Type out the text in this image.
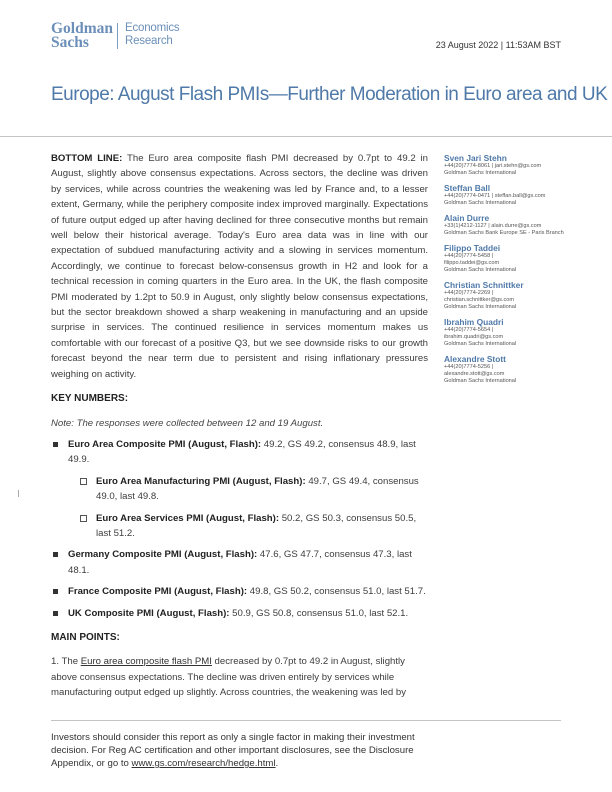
Goldman
Sachs
Economics
Research	23 August 2022 | 11:53AM BST
Europe: August Flash PMIs—Further Moderation in Euro area and UK

BOTTOM LINE: The Euro area composite flash PMI decreased by 0.7pt to 49.2 in August, slightly above consensus expectations. Across sectors, the decline was driven by services, while across countries the weakening was led by France and, to a lesser extent, Germany, while the periphery composite index improved marginally. Expectations of future output edged up after having declined for three consecutive months but remain well below their historical average. Today's Euro area data was in line with our expectation of subdued manufacturing activity and a slowing in services momentum. Accordingly, we continue to forecast below-consensus growth in H2 and look for a technical recession in coming quarters in the Euro area. In the UK, the flash composite PMI moderated by 1.2pt to 50.9 in August, only slightly below consensus expectations, but the sector breakdown showed a sharp weakening in manufacturing and an upside surprise in services. The continued resilience in services momentum makes us comfortable with our forecast of a positive Q3, but we see downside risks to our growth forecast beyond the near term due to persistent and rising inflationary pressures weighing on activity.

KEY NUMBERS:

Note: The responses were collected between 12 and 19 August.

Euro Area Composite PMI (August, Flash): 49.2, GS 49.2, consensus 48.9, last 49.9.
Euro Area Manufacturing PMI (August, Flash): 49.7, GS 49.4, consensus 49.0, last 49.8.
Euro Area Services PMI (August, Flash): 50.2, GS 50.3, consensus 50.5, last 51.2.
Germany Composite PMI (August, Flash): 47.6, GS 47.7, consensus 47.3, last 48.1.
France Composite PMI (August, Flash): 49.8, GS 50.2, consensus 51.0, last 51.7.
UK Composite PMI (August, Flash): 50.9, GS 50.8, consensus 51.0, last 52.1.

MAIN POINTS:

1. The Euro area composite flash PMI decreased by 0.7pt to 49.2 in August, slightly above consensus expectations. The decline was driven entirely by services while manufacturing output edged up slightly. Across countries, the weakening was led by

Sven Jari Stehn
+44(20)7774-8061 | jari.stehn@gs.com
Goldman Sachs International
Steffan Ball
+44(20)7774-0471 | steffan.ball@gs.com
Goldman Sachs International
Alain Durre
+33(1)4212-1127 | alain.durre@gs.com
Goldman Sachs Bank Europe SE - Paris Branch
Filippo Taddei
+44(20)7774-5458 |
filippo.taddei@gs.com
Goldman Sachs International
Christian Schnittker
+44(20)7774-2269 |
christian.schnittker@gs.com
Goldman Sachs International
Ibrahim Quadri
+44(20)7774-5654 |
ibrahim.quadri@gs.com
Goldman Sachs International
Alexandre Stott
+44(20)7774-5256 |
alexandre.stott@gs.com
Goldman Sachs International
Investors should consider this report as only a single factor in making their investment decision. For Reg AC certification and other important disclosures, see the Disclosure Appendix, or go to www.gs.com/research/hedge.html.
